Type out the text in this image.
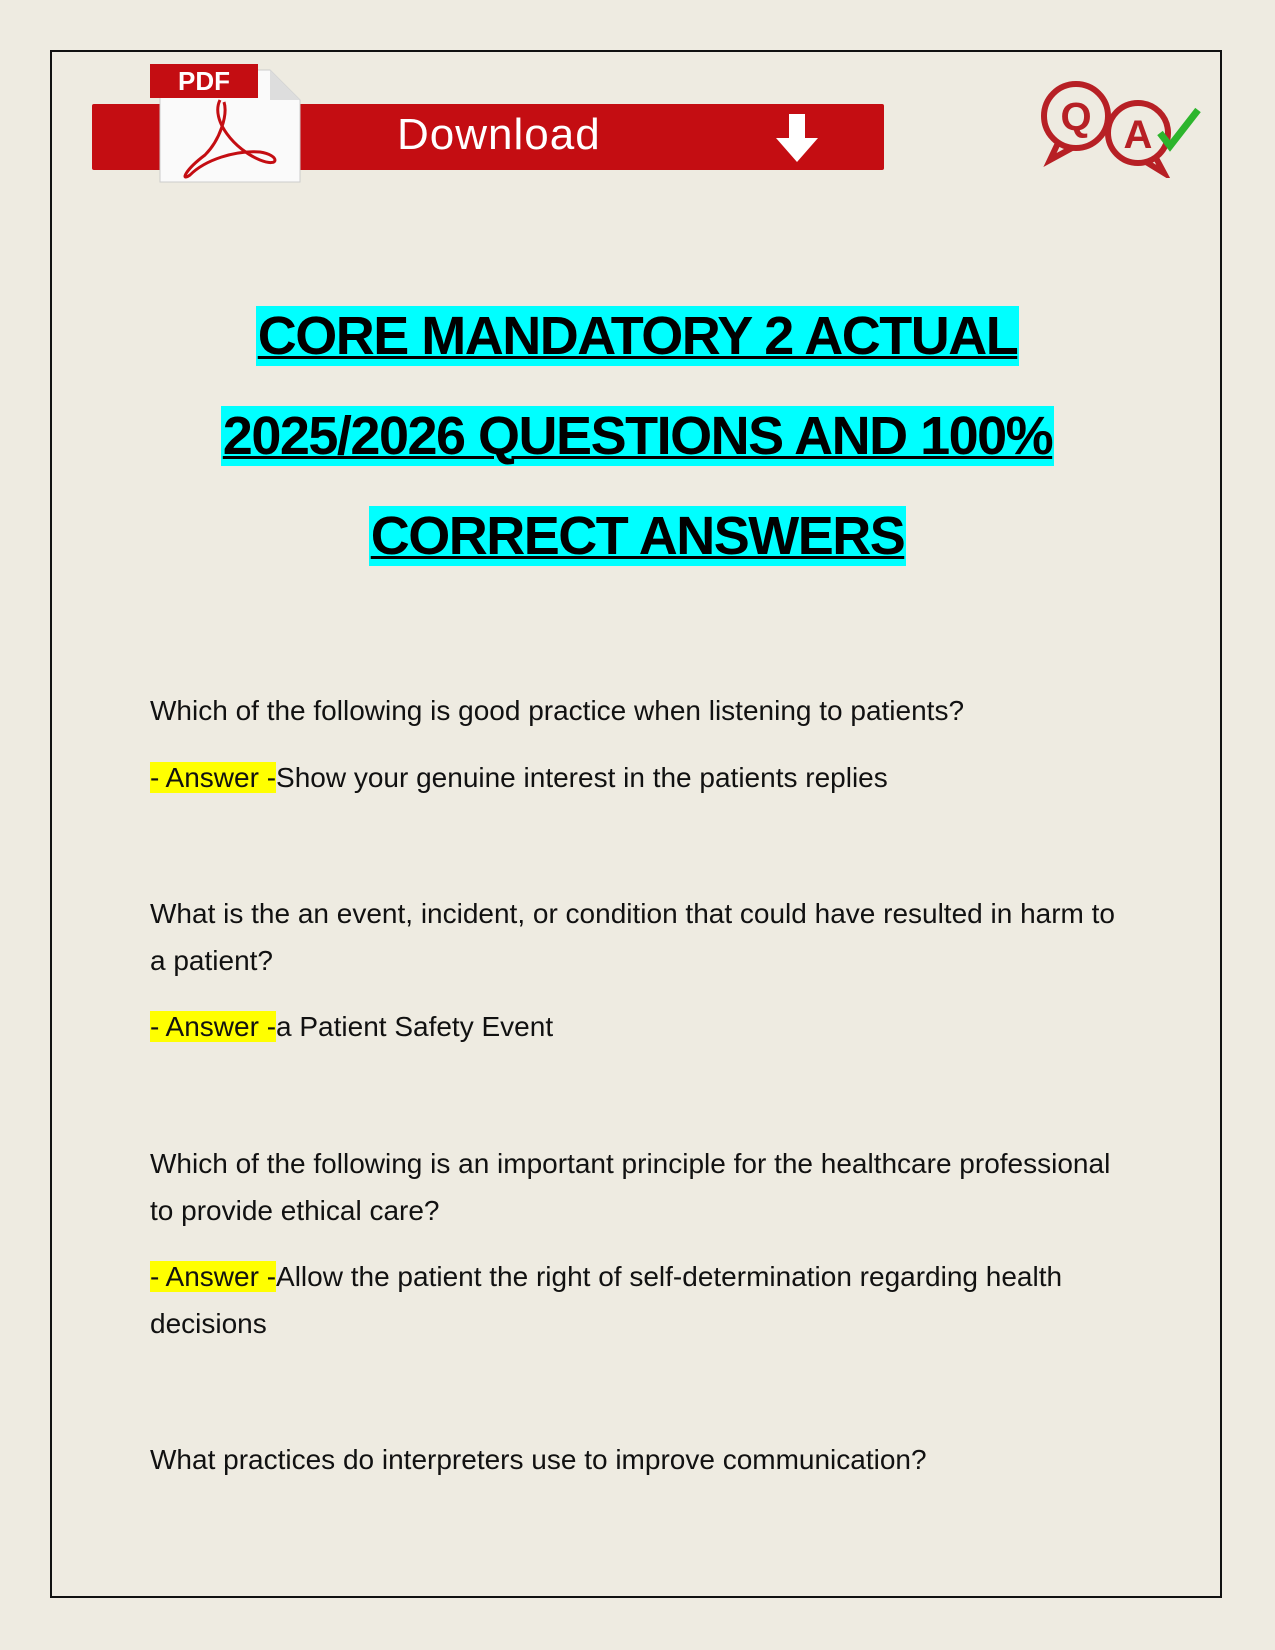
PDF
Download	Q A
CORE MANDATORY 2 ACTUAL
2025/2026 QUESTIONS AND 100%
CORRECT ANSWERS
Which of the following is good practice when listening to patients?
- Answer -Show your genuine interest in the patients replies
What is the an event, incident, or condition that could have resulted in harm to a patient?
- Answer -a Patient Safety Event
Which of the following is an important principle for the healthcare professional to provide ethical care?
- Answer -Allow the patient the right of self-determination regarding health decisions
What practices do interpreters use to improve communication?
